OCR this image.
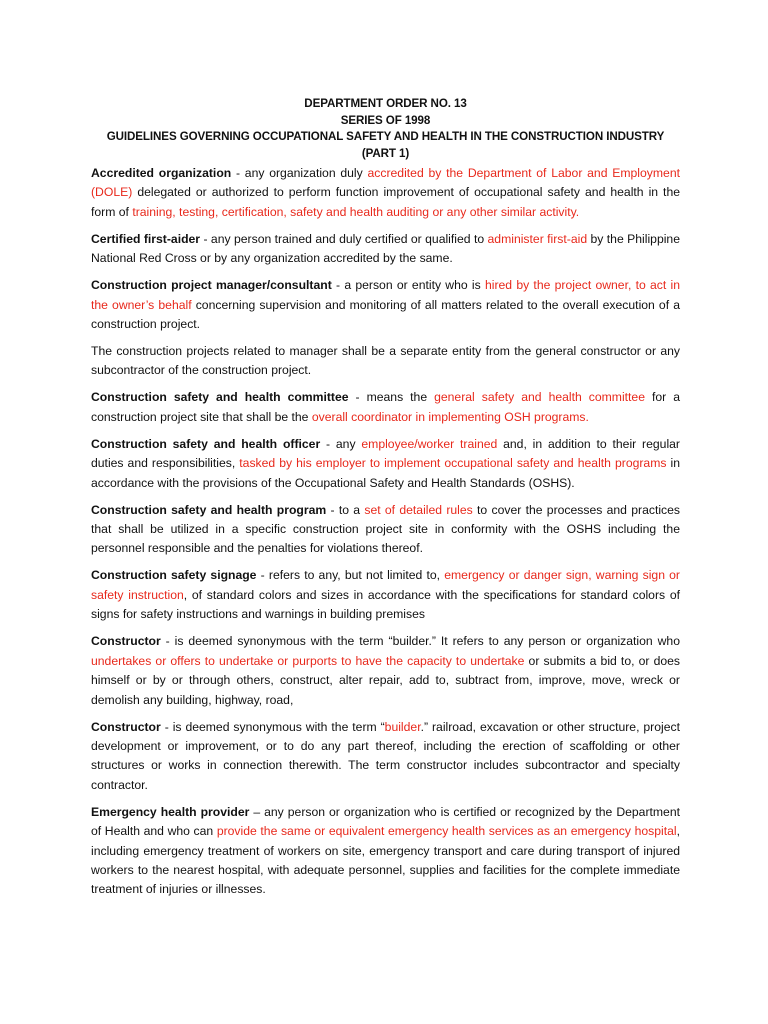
DEPARTMENT ORDER NO. 13
SERIES OF 1998
GUIDELINES GOVERNING OCCUPATIONAL SAFETY AND HEALTH IN THE CONSTRUCTION INDUSTRY
(PART 1)

Accredited organization - any organization duly accredited by the Department of Labor and Employment (DOLE) delegated or authorized to perform function improvement of occupational safety and health in the form of training, testing, certification, safety and health auditing or any other similar activity.

Certified first-aider - any person trained and duly certified or qualified to administer first-aid by the Philippine National Red Cross or by any organization accredited by the same.

Construction project manager/consultant - a person or entity who is hired by the project owner, to act in the owner’s behalf concerning supervision and monitoring of all matters related to the overall execution of a construction project.

The construction projects related to manager shall be a separate entity from the general constructor or any subcontractor of the construction project.

Construction safety and health committee - means the general safety and health committee for a construction project site that shall be the overall coordinator in implementing OSH programs.

Construction safety and health officer - any employee/worker trained and, in addition to their regular duties and responsibilities, tasked by his employer to implement occupational safety and health programs in accordance with the provisions of the Occupational Safety and Health Standards (OSHS).

Construction safety and health program - to a set of detailed rules to cover the processes and practices that shall be utilized in a specific construction project site in conformity with the OSHS including the personnel responsible and the penalties for violations thereof.

Construction safety signage - refers to any, but not limited to, emergency or danger sign, warning sign or safety instruction, of standard colors and sizes in accordance with the specifications for standard colors of signs for safety instructions and warnings in building premises

Constructor - is deemed synonymous with the term “builder.” It refers to any person or organization who undertakes or offers to undertake or purports to have the capacity to undertake or submits a bid to, or does himself or by or through others, construct, alter repair, add to, subtract from, improve, move, wreck or demolish any building, highway, road,

Constructor - is deemed synonymous with the term “builder.” railroad, excavation or other structure, project development or improvement, or to do any part thereof, including the erection of scaffolding or other structures or works in connection therewith. The term constructor includes subcontractor and specialty contractor.

Emergency health provider – any person or organization who is certified or recognized by the Department of Health and who can provide the same or equivalent emergency health services as an emergency hospital, including emergency treatment of workers on site, emergency transport and care during transport of injured workers to the nearest hospital, with adequate personnel, supplies and facilities for the complete immediate treatment of injuries or illnesses.
